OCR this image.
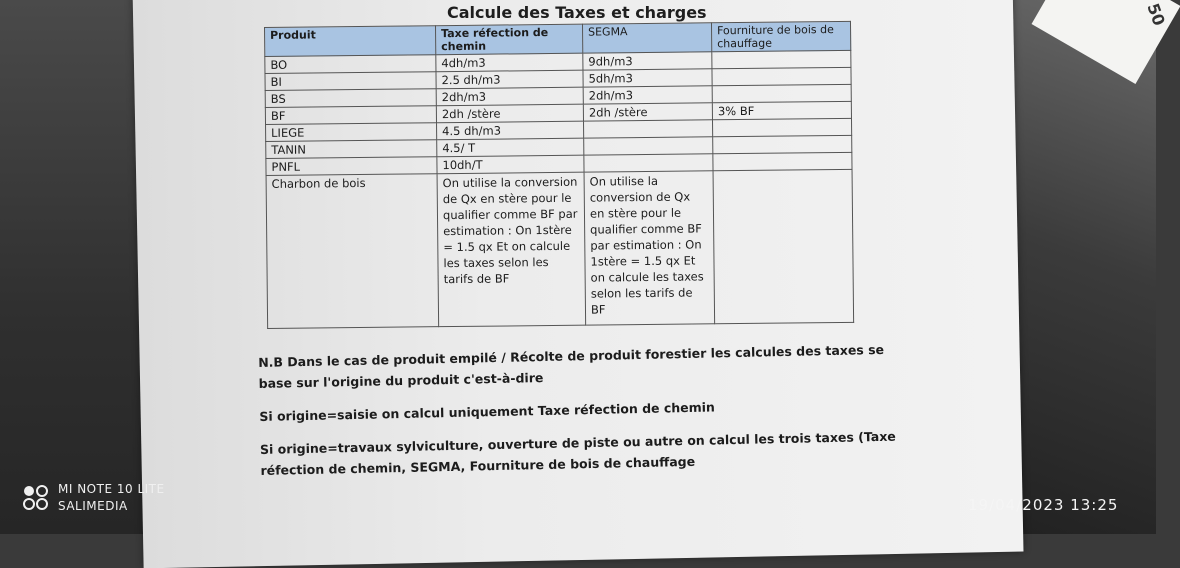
50
Calcule des Taxes et charges
Produit	Taxe réfection de chemin	SEGMA	Fourniture de bois de chauffage
BO	4dh/m3	9dh/m3	
BI	2.5 dh/m3	5dh/m3	
BS	2dh/m3	2dh/m3	
BF	2dh /stère	2dh /stère	3% BF
LIEGE	4.5 dh/m3		
TANIN	4.5/ T		
PNFL	10dh/T		
Charbon de bois	On utilise la conversion de Qx en stère pour le qualifier comme BF par estimation : On 1stère = 1.5 qx Et on calcule les taxes selon les tarifs de BF	On utilise la conversion de Qx en stère pour le qualifier comme BF par estimation : On 1stère = 1.5 qx Et on calcule les taxes selon les tarifs de BF	

N.B Dans le cas de produit empilé / Récolte de produit forestier les calcules des taxes se base sur l'origine du produit c'est-à-dire

Si origine=saisie on calcul uniquement Taxe réfection de chemin

Si origine=travaux sylviculture, ouverture de piste ou autre on calcul les trois taxes (Taxe réfection de chemin, SEGMA, Fourniture de bois de chauffage

MI NOTE 10 LITE
SALIMEDIA	19/04/2023 13:25
